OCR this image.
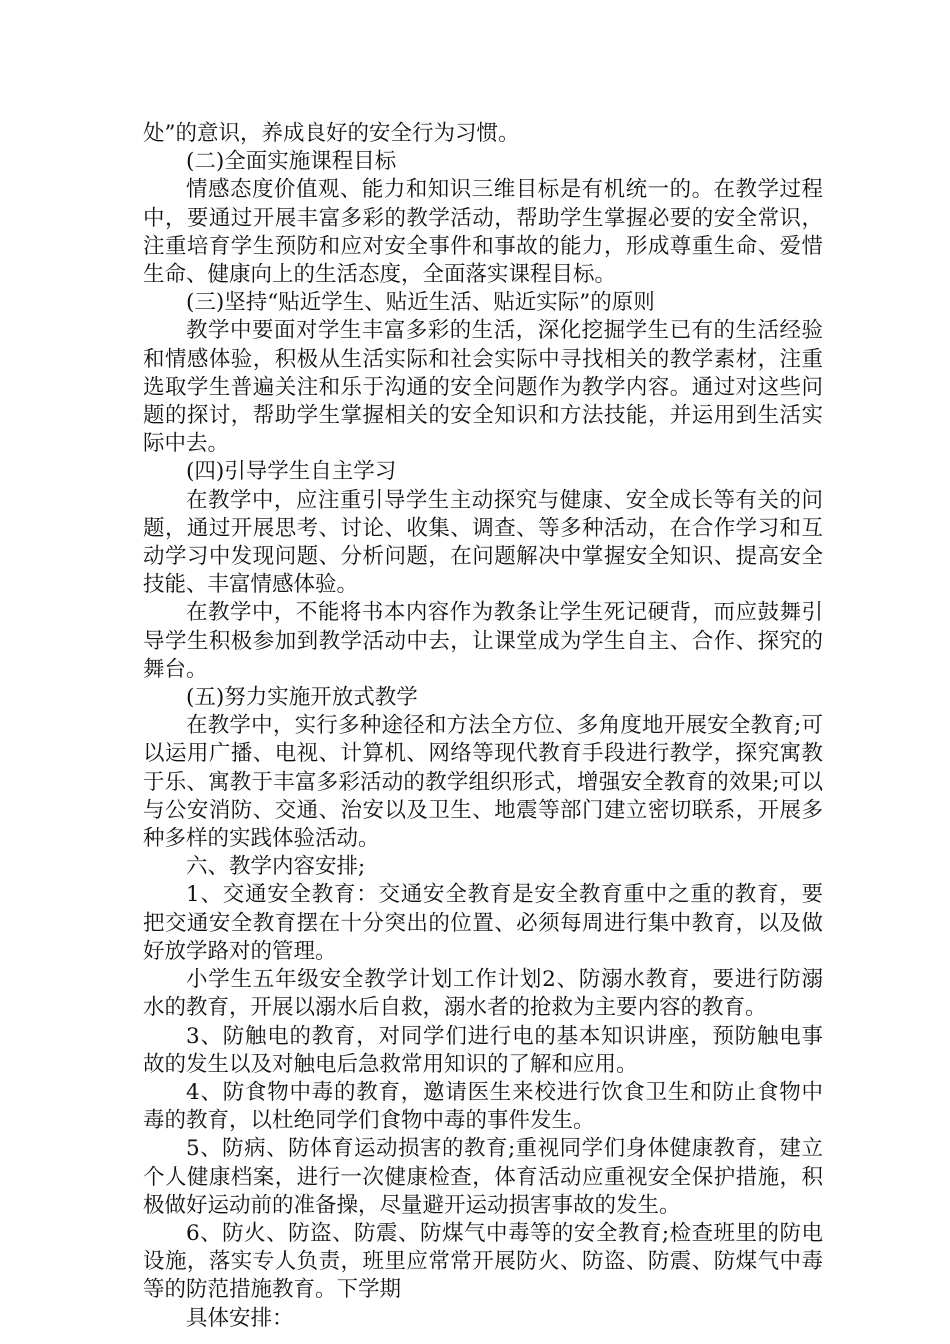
处”的意识，养成良好的安全行为习惯。

(二)全面实施课程目标

情感态度价值观、能力和知识三维目标是有机统一的。在教学过程中，要通过开展丰富多彩的教学活动，帮助学生掌握必要的安全常识，注重培育学生预防和应对安全事件和事故的能力，形成尊重生命、爱惜生命、健康向上的生活态度，全面落实课程目标。

(三)坚持“贴近学生、贴近生活、贴近实际”的原则

教学中要面对学生丰富多彩的生活，深化挖掘学生已有的生活经验和情感体验，积极从生活实际和社会实际中寻找相关的教学素材，注重选取学生普遍关注和乐于沟通的安全问题作为教学内容。通过对这些问题的探讨，帮助学生掌握相关的安全知识和方法技能，并运用到生活实际中去。

(四)引导学生自主学习

在教学中，应注重引导学生主动探究与健康、安全成长等有关的问题，通过开展思考、讨论、收集、调查、等多种活动，在合作学习和互动学习中发现问题、分析问题，在问题解决中掌握安全知识、提高安全技能、丰富情感体验。

在教学中，不能将书本内容作为教条让学生死记硬背，而应鼓舞引导学生积极参加到教学活动中去，让课堂成为学生自主、合作、探究的舞台。

(五)努力实施开放式教学

在教学中，实行多种途径和方法全方位、多角度地开展安全教育;可以运用广播、电视、计算机、网络等现代教育手段进行教学，探究寓教于乐、寓教于丰富多彩活动的教学组织形式，增强安全教育的效果;可以与公安消防、交通、治安以及卫生、地震等部门建立密切联系，开展多种多样的实践体验活动。

六、教学内容安排;

1、交通安全教育：交通安全教育是安全教育重中之重的教育，要把交通安全教育摆在十分突出的位置、必须每周进行集中教育，以及做好放学路对的管理。

小学生五年级安全教学计划工作计划2、防溺水教育，要进行防溺水的教育，开展以溺水后自救，溺水者的抢救为主要内容的教育。

3、防触电的教育，对同学们进行电的基本知识讲座，预防触电事故的发生以及对触电后急救常用知识的了解和应用。

4、防食物中毒的教育，邀请医生来校进行饮食卫生和防止食物中毒的教育，以杜绝同学们食物中毒的事件发生。

5、防病、防体育运动损害的教育;重视同学们身体健康教育，建立个人健康档案，进行一次健康检查，体育活动应重视安全保护措施，积极做好运动前的准备操，尽量避开运动损害事故的发生。

6、防火、防盗、防震、防煤气中毒等的安全教育;检查班里的防电设施，落实专人负责，班里应常常开展防火、防盗、防震、防煤气中毒等的防范措施教育。下学期

具体安排：
